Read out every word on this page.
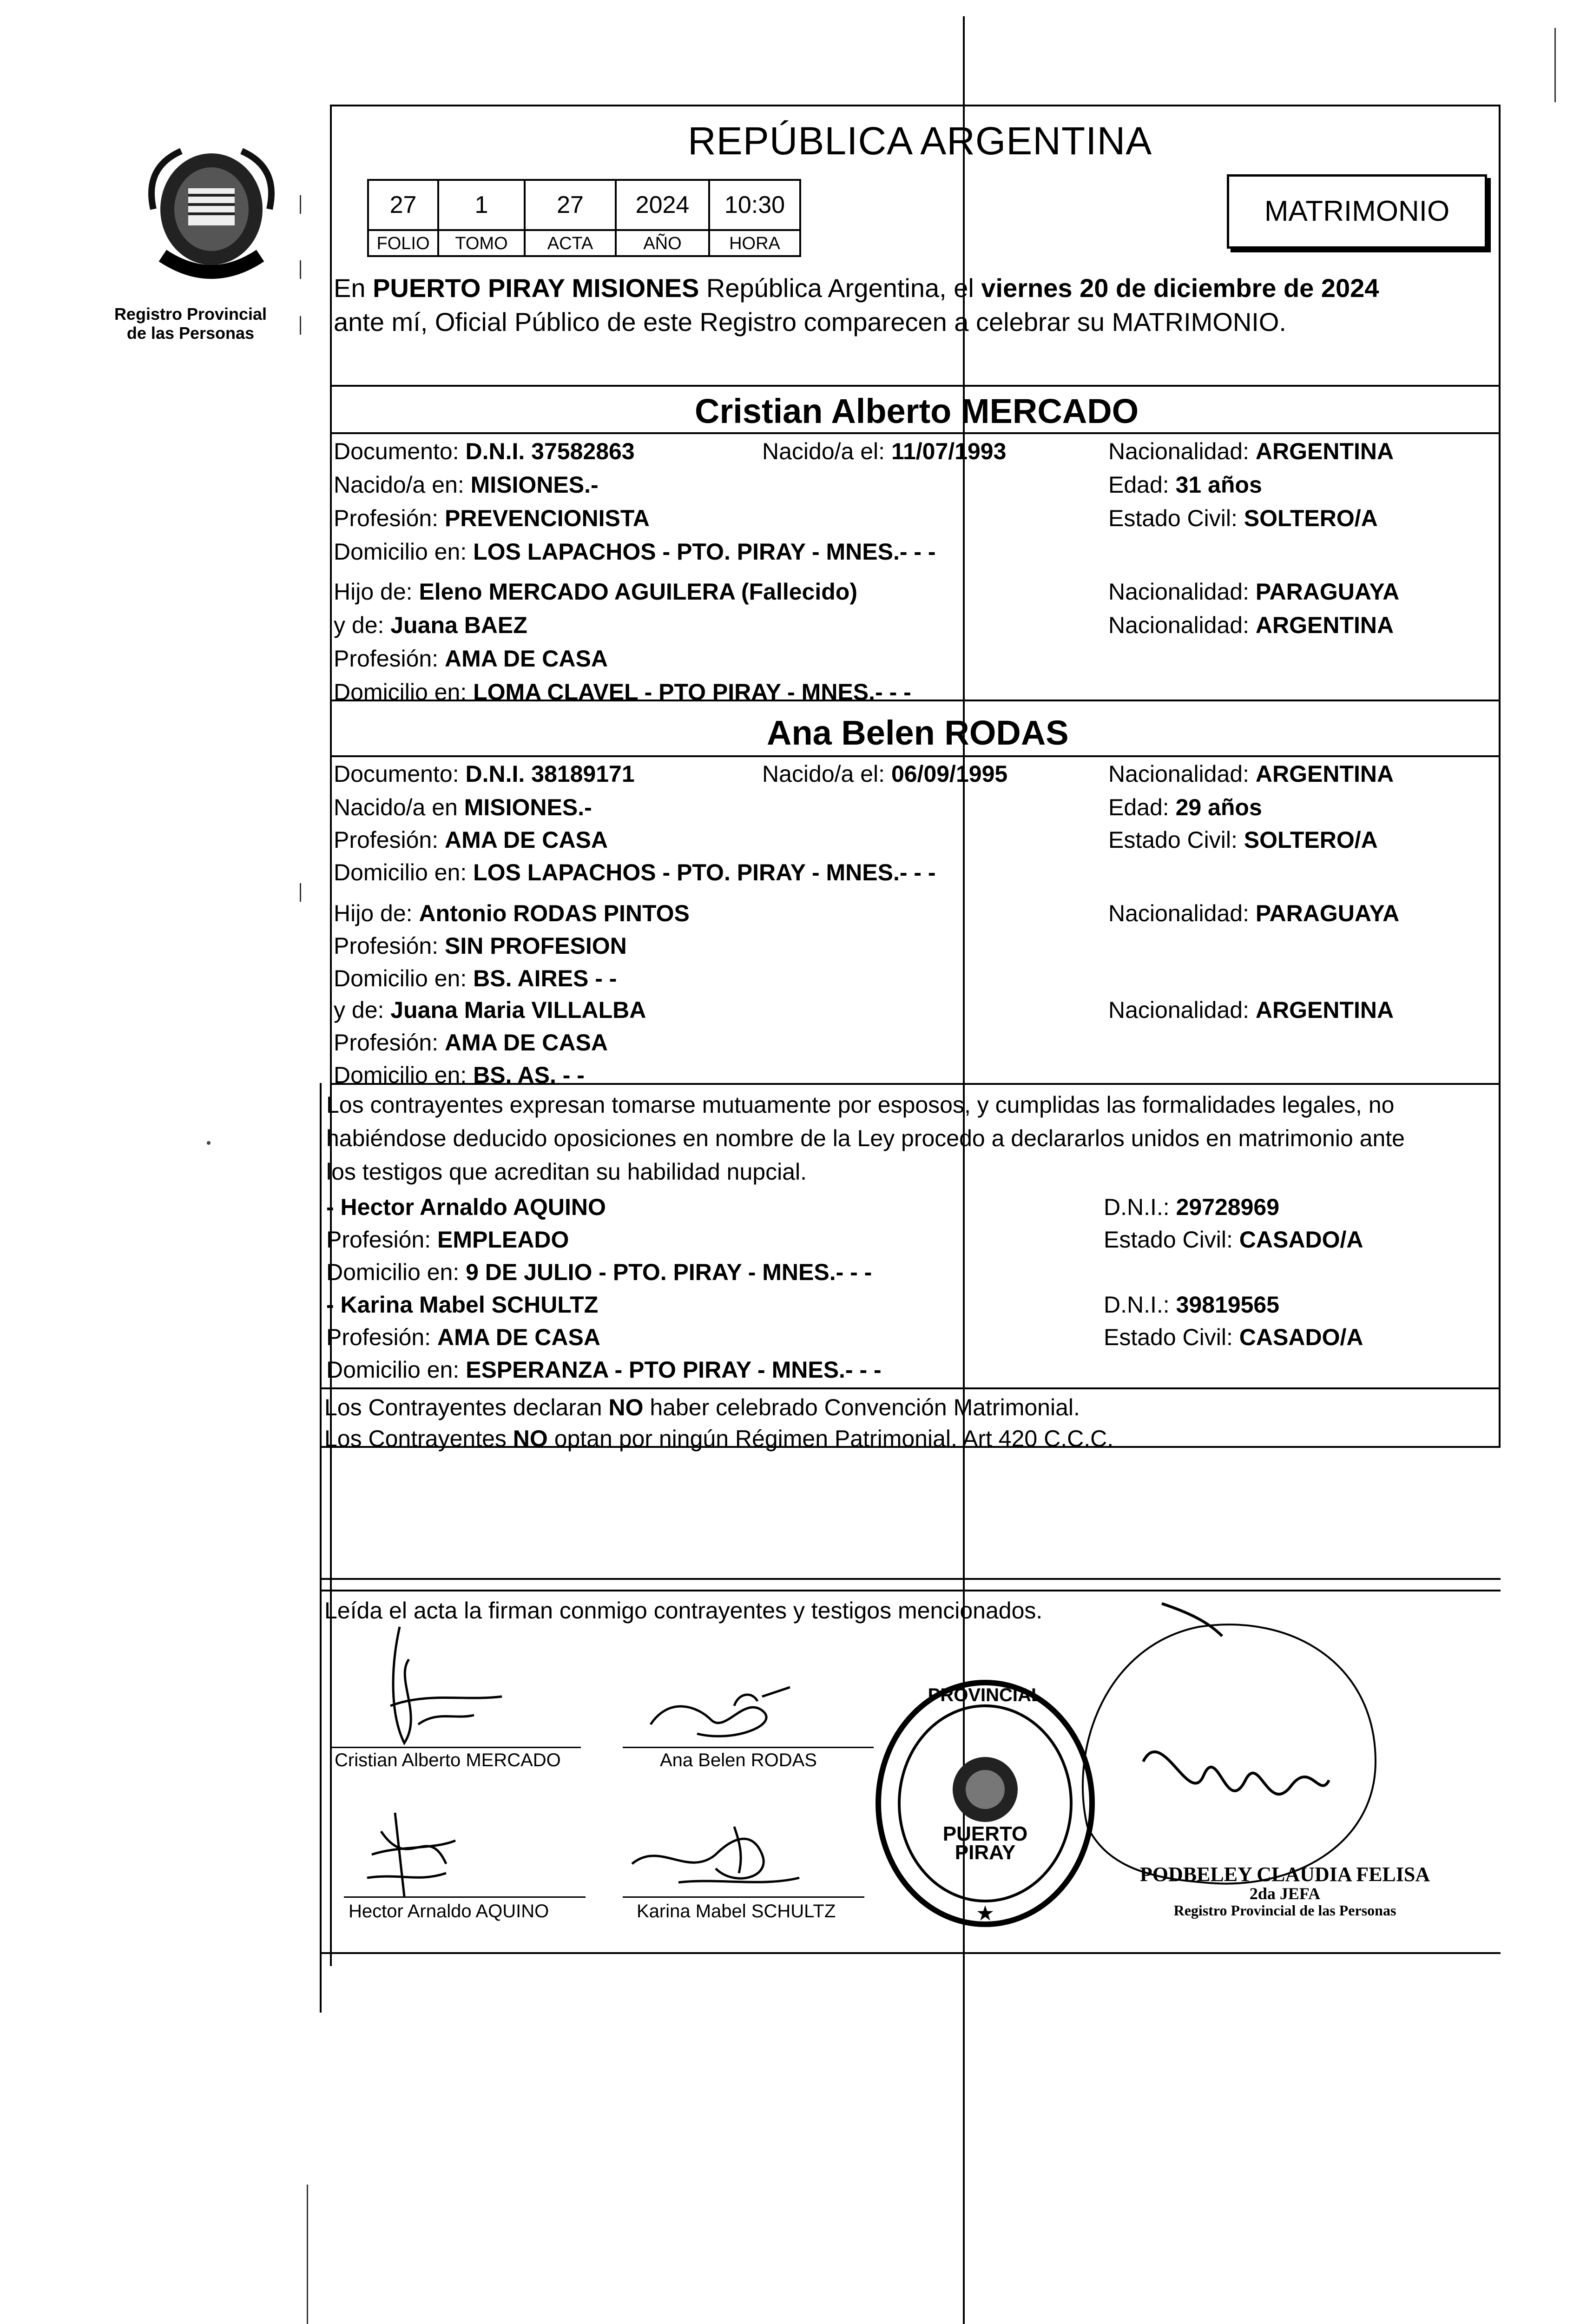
Registro Provincial
de las Personas
REPÚBLICA ARGENTINA
27	1	27	2024	10:30
FOLIO	TOMO	ACTA	AÑO	HORA
MATRIMONIO
En PUERTO PIRAY MISIONES República Argentina, el viernes 20 de diciembre de 2024
ante mí, Oficial Público de este Registro comparecen a celebrar su MATRIMONIO.
Cristian Alberto MERCADO
Documento: D.N.I. 37582863	Nacido/a el: 11/07/1993	Nacionalidad: ARGENTINA
Nacido/a en: MISIONES.-	Edad: 31 años
Profesión: PREVENCIONISTA	Estado Civil: SOLTERO/A
Domicilio en: LOS LAPACHOS - PTO. PIRAY - MNES.- - -
Hijo de: Eleno MERCADO AGUILERA (Fallecido)	Nacionalidad: PARAGUAYA
y de: Juana BAEZ	Nacionalidad: ARGENTINA
Profesión: AMA DE CASA
Domicilio en: LOMA CLAVEL - PTO PIRAY - MNES.- - -
Ana Belen RODAS
Documento: D.N.I. 38189171	Nacido/a el: 06/09/1995	Nacionalidad: ARGENTINA
Nacido/a en MISIONES.-	Edad: 29 años
Profesión: AMA DE CASA	Estado Civil: SOLTERO/A
Domicilio en: LOS LAPACHOS - PTO. PIRAY - MNES.- - -
Hijo de: Antonio RODAS PINTOS	Nacionalidad: PARAGUAYA
Profesión: SIN PROFESION
Domicilio en: BS. AIRES - -
y de: Juana Maria VILLALBA	Nacionalidad: ARGENTINA
Profesión: AMA DE CASA
Domicilio en: BS. AS. - -
Los contrayentes expresan tomarse mutuamente por esposos, y cumplidas las formalidades legales, no
habiéndose deducido oposiciones en nombre de la Ley procedo a declararlos unidos en matrimonio ante
los testigos que acreditan su habilidad nupcial.
- Hector Arnaldo AQUINO	D.N.I.: 29728969
Profesión: EMPLEADO	Estado Civil: CASADO/A
Domicilio en: 9 DE JULIO - PTO. PIRAY - MNES.- - -
- Karina Mabel SCHULTZ	D.N.I.: 39819565
Profesión: AMA DE CASA	Estado Civil: CASADO/A
Domicilio en: ESPERANZA - PTO PIRAY - MNES.- - -
Los Contrayentes declaran NO haber celebrado Convención Matrimonial.
Los Contrayentes NO optan por ningún Régimen Patrimonial. Art 420 C.C.C.
Leída el acta la firman conmigo contrayentes y testigos mencionados.
Cristian Alberto MERCADO	Ana Belen RODAS
Hector Arnaldo AQUINO	Karina Mabel SCHULTZ
PROVINCIAL
★
PIRAY
PUERTO
PODBELEY CLAUDIA FELISA
2da JEFA
Registro Provincial de las Personas
